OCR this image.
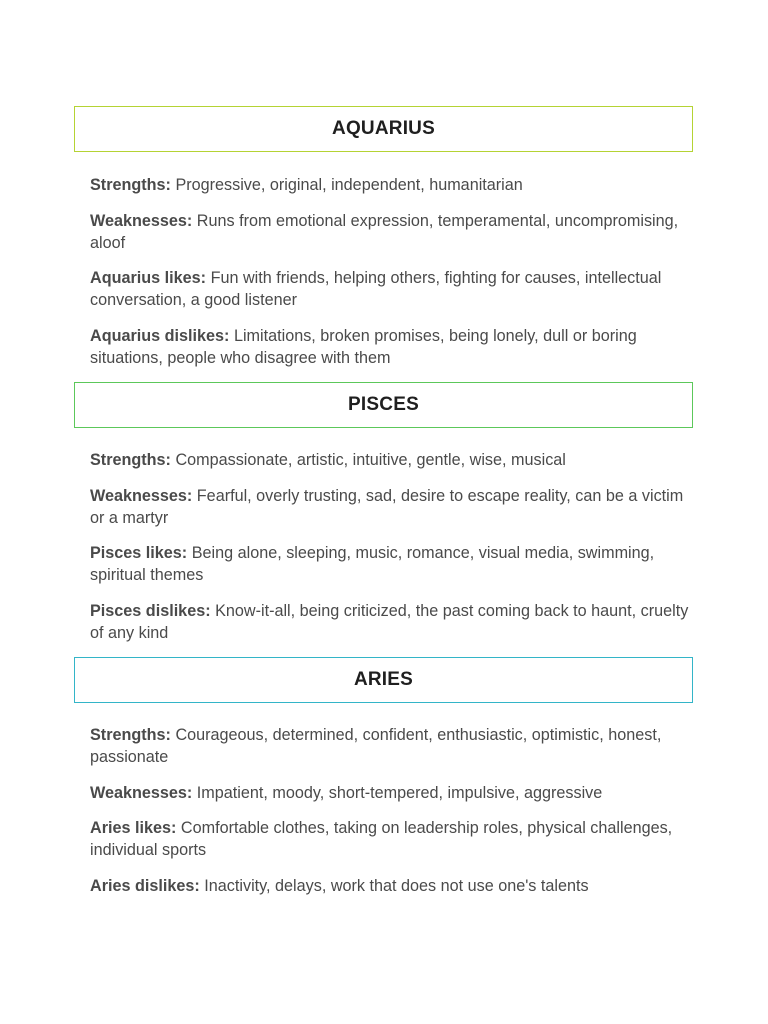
AQUARIUS

Strengths: Progressive, original, independent, humanitarian

Weaknesses: Runs from emotional expression, temperamental, uncompromising, aloof

Aquarius likes: Fun with friends, helping others, fighting for causes, intellectual conversation, a good listener

Aquarius dislikes: Limitations, broken promises, being lonely, dull or boring situations, people who disagree with them

PISCES

Strengths: Compassionate, artistic, intuitive, gentle, wise, musical

Weaknesses: Fearful, overly trusting, sad, desire to escape reality, can be a victim or a martyr

Pisces likes: Being alone, sleeping, music, romance, visual media, swimming, spiritual themes

Pisces dislikes: Know-it-all, being criticized, the past coming back to haunt, cruelty of any kind

ARIES

Strengths: Courageous, determined, confident, enthusiastic, optimistic, honest, passionate

Weaknesses: Impatient, moody, short-tempered, impulsive, aggressive

Aries likes: Comfortable clothes, taking on leadership roles, physical challenges, individual sports

Aries dislikes: Inactivity, delays, work that does not use one's talents
